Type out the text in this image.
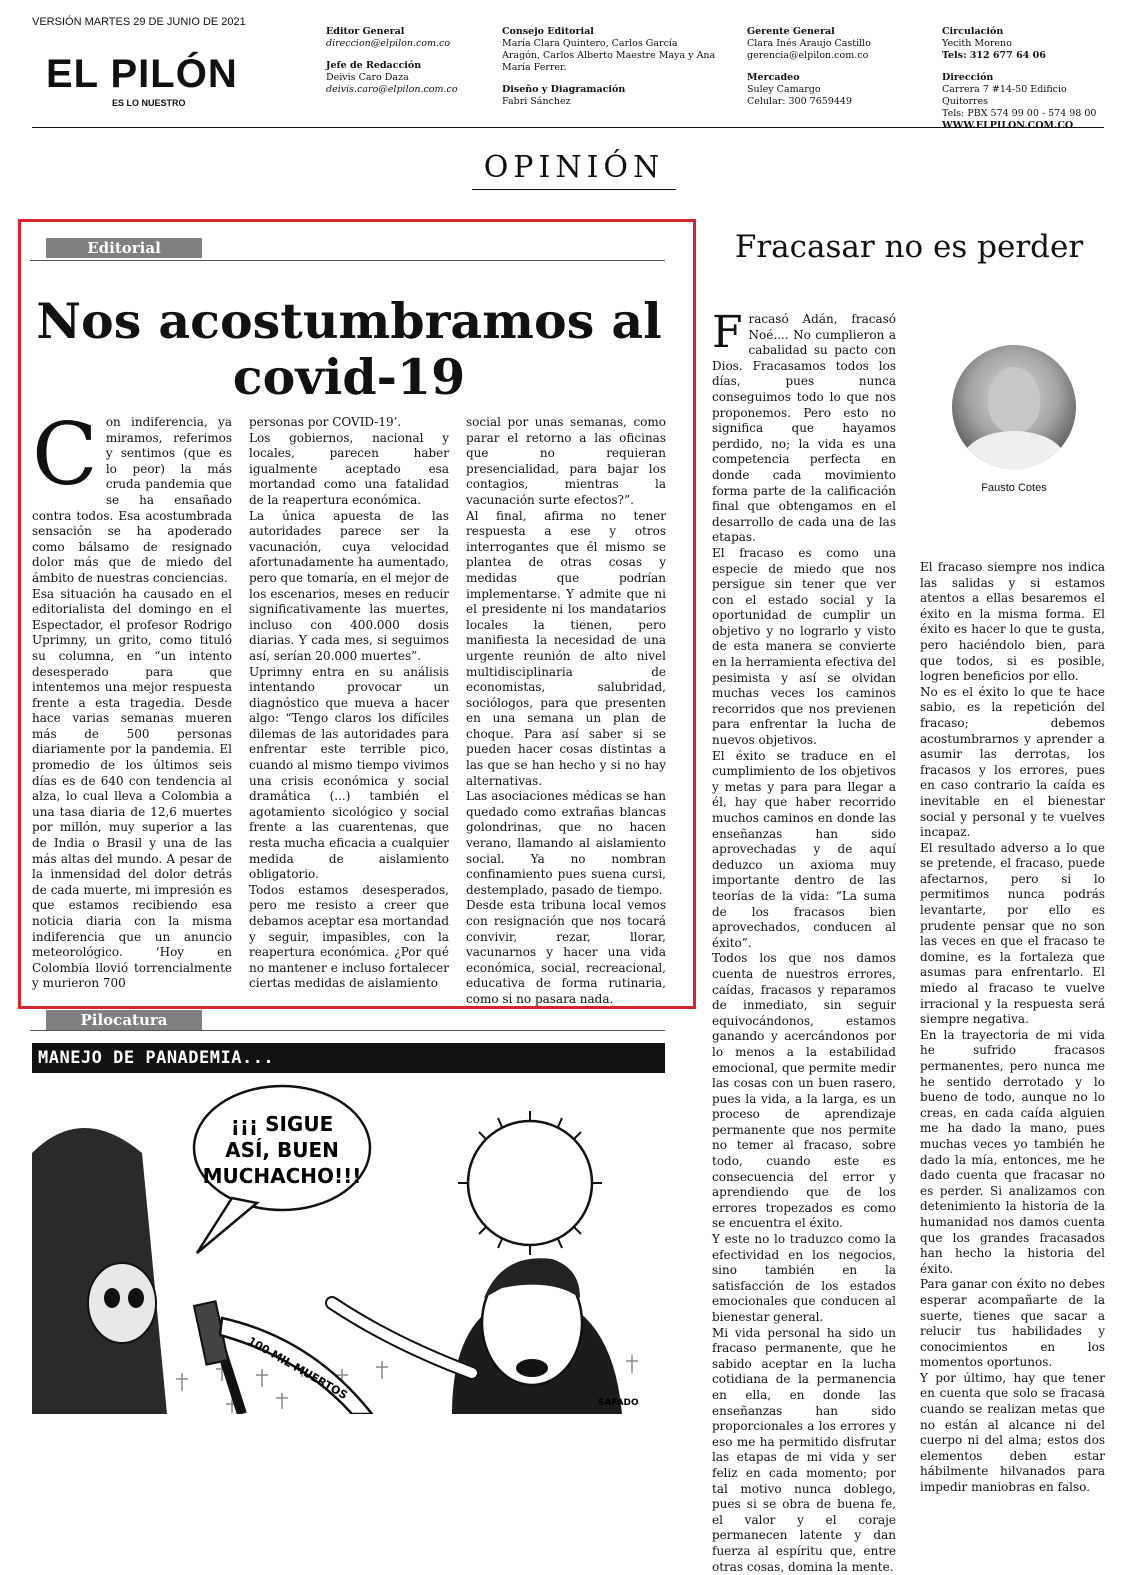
VERSIÓN MARTES 29 DE JUNIO DE 2021
EL PILÓN
ES LO NUESTRO
Editor General
direccion@elpilon.com.co
Jefe de Redacción
Deivis Caro Daza
deivis.caro@elpilon.com.co
Consejo Editorial
María Clara Quintero, Carlos García Aragón, Carlos Alberto Maestre Maya y Ana María Ferrer.
Diseño y Diagramación
Fabri Sánchez
Gerente General
Clara Inés Araujo Castillo
gerencia@elpilon.com.co
Mercadeo
Suley Camargo
Celular: 300 7659449
Circulación
Yecith Moreno

Tels: 312 677 64 06
Dirección
Carrera 7 #14-50 Edificio Quitorres
Tels: PBX 574 99 00 - 574 98 00

WWW.ELPILON.COM.CO
OPINIÓN
Editorial
Nos acostumbramos al
covid-19
Con indiferencia, ya miramos, referimos y sentimos (que es lo peor) la más cruda pandemia que se ha ensañado contra todos. Esa acostumbrada sensación se ha apoderado como bálsamo de resignado dolor más que de miedo del ámbito de nuestras conciencias.
Esa situación ha causado en el editorialista del domingo en el Espectador, el profesor Rodrigo Uprimny, un grito, como tituló su columna, en “un intento desesperado para que intentemos una mejor respuesta frente a esta tragedia. Desde hace varias semanas mueren más de 500 personas diariamente por la pandemia. El promedio de los últimos seis días es de 640 con tendencia al alza, lo cual lleva a Colombia a una tasa diaria de 12,6 muertes por millón, muy superior a las de India o Brasil y una de las más altas del mundo. A pesar de la inmensidad del dolor detrás de cada muerte, mi impresión es que estamos recibiendo esa noticia diaria con la misma indiferencia que un anuncio meteorológico. ‘Hoy en Colombia llovió torrencialmente y murieron 700
personas por COVID-19’.
Los gobiernos, nacional y locales, parecen haber igualmente aceptado esa mortandad como una fatalidad de la reapertura económica.
La única apuesta de las autoridades parece ser la vacunación, cuya velocidad afortunadamente ha aumentado, pero que tomaría, en el mejor de los escenarios, meses en reducir significativamente las muertes, incluso con 400.000 dosis diarias. Y cada mes, si seguimos así, serían 20.000 muertes”.
Uprimny entra en su análisis intentando provocar un diagnóstico que mueva a hacer algo: “Tengo claros los difíciles dilemas de las autoridades para enfrentar este terrible pico, cuando al mismo tiempo vivimos una crisis económica y social dramática (...) también el agotamiento sicológico y social frente a las cuarentenas, que resta mucha eficacia a cualquier medida de aislamiento obligatorio.
Todos estamos desesperados, pero me resisto a creer que debamos aceptar esa mortandad y seguir, impasibles, con la reapertura económica. ¿Por qué no mantener e incluso fortalecer ciertas medidas de aislamiento
social por unas semanas, como parar el retorno a las oficinas que no requieran presencialidad, para bajar los contagios, mientras la vacunación surte efectos?”.
Al final, afirma no tener respuesta a ese y otros interrogantes que él mismo se plantea de otras cosas y medidas que podrían implementarse. Y admite que ni el presidente ni los mandatarios locales la tienen, pero manifiesta la necesidad de una urgente reunión de alto nivel multidisciplinaria de economistas, salubridad, sociólogos, para que presenten en una semana un plan de choque. Para así saber si se pueden hacer cosas distintas a las que se han hecho y si no hay alternativas.
Las asociaciones médicas se han quedado como extrañas blancas golondrinas, que no hacen verano, llamando al aislamiento social. Ya no nombran confinamiento pues suena cursi, destemplado, pasado de tiempo.
Desde esta tribuna local vemos con resignación que nos tocará convivir, rezar, llorar, vacunarnos y hacer una vida económica, social, recreacional, educativa de forma rutinaria, como si no pasara nada.
Fracasar no es perder
Fracasó Adán, fracasó Noé.... No cumplieron a cabalidad su pacto con Dios. Fracasamos todos los días, pues nunca conseguimos todo lo que nos proponemos. Pero esto no significa que hayamos perdido, no; la vida es una competencia perfecta en donde cada movimiento forma parte de la calificación final que obtengamos en el desarrollo de cada una de las etapas.
El fracaso es como una especie de miedo que nos persigue sin tener que ver con el estado social y la oportunidad de cumplir un objetivo y no lograrlo y visto de esta manera se convierte en la herramienta efectiva del pesimista y así se olvidan muchas veces los caminos recorridos que nos previenen para enfrentar la lucha de nuevos objetivos.
El éxito se traduce en el cumplimiento de los objetivos y metas y para para llegar a él, hay que haber recorrido muchos caminos en donde las enseñanzas han sido aprovechadas y de aquí deduzco un axioma muy importante dentro de las teorías de la vida: “La suma de los fracasos bien aprovechados, conducen al éxito”.
Todos los que nos damos cuenta de nuestros errores, caídas, fracasos y reparamos de inmediato, sin seguir equivocándonos, estamos ganando y acercándonos por lo menos a la estabilidad emocional, que permite medir las cosas con un buen rasero, pues la vida, a la larga, es un proceso de aprendizaje permanente que nos permite no temer al fracaso, sobre todo, cuando este es consecuencia del error y aprendiendo que de los errores tropezados es como se encuentra el éxito.
Y este no lo traduzco como la efectividad en los negocios, sino también en la satisfacción de los estados emocionales que conducen al bienestar general.
Mi vida personal ha sido un fracaso permanente, que he sabido aceptar en la lucha cotidiana de la permanencia en ella, en donde las enseñanzas han sido proporcionales a los errores y eso me ha permitido disfrutar las etapas de mi vida y ser feliz en cada momento; por tal motivo nunca doblego, pues si se obra de buena fe, el valor y el coraje permanecen latente y dan fuerza al espíritu que, entre otras cosas, domina la mente.
Fausto Cotes
El fracaso siempre nos indica las salidas y si estamos atentos a ellas besaremos el éxito en la misma forma. El éxito es hacer lo que te gusta, pero haciéndolo bien, para que todos, si es posible, logren beneficios por ello.
No es el éxito lo que te hace sabio, es la repetición del fracaso; debemos acostumbrarnos y aprender a asumir las derrotas, los fracasos y los errores, pues en caso contrario la caída es inevitable en el bienestar social y personal y te vuelves incapaz.
El resultado adverso a lo que se pretende, el fracaso, puede afectarnos, pero si lo permitimos nunca podrás levantarte, por ello es prudente pensar que no son las veces en que el fracaso te domine, es la fortaleza que asumas para enfrentarlo. El miedo al fracaso te vuelve irracional y la respuesta será siempre negativa.
En la trayectoria de mi vida he sufrido fracasos permanentes, pero nunca me he sentido derrotado y lo bueno de todo, aunque no lo creas, en cada caída alguien me ha dado la mano, pues muchas veces yo también he dado la mía, entonces, me he dado cuenta que fracasar no es perder. Si analizamos con detenimiento la historia de la humanidad nos damos cuenta que los grandes fracasados han hecho la historia del éxito.
Para ganar con éxito no debes esperar acompañarte de la suerte, tienes que sacar a relucir tus habilidades y conocimientos en los momentos oportunos.
Y por último, hay que tener en cuenta que solo se fracasa cuando se realizan metas que no están al alcance ni del cuerpo ni del alma; estos dos elementos deben estar hábilmente hilvanados para impedir maniobras en falso.
Pilocatura
MANEJO DE PANADEMIA...
¡¡¡ SIGUE
ASÍ, BUEN
MUCHACHO!!!
100 MIL MUERTOS
SAFADO
